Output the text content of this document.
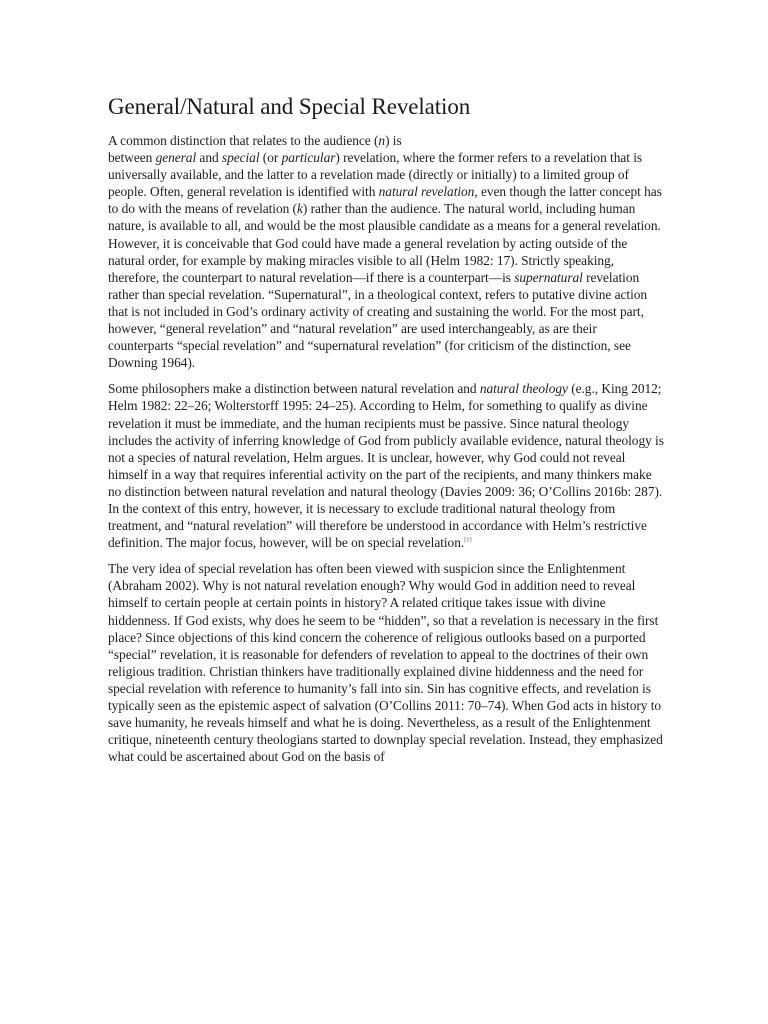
General/Natural and Special Revelation

A common distinction that relates to the audience (n) is
between general and special (or particular) revelation, where the former refers to a revelation that is universally available, and the latter to a revelation made (directly or initially) to a limited group of people. Often, general revelation is identified with natural revelation, even though the latter concept has to do with the means of revelation (k) rather than the audience. The natural world, including human nature, is available to all, and would be the most plausible candidate as a means for a general revelation. However, it is conceivable that God could have made a general revelation by acting outside of the natural order, for example by making miracles visible to all (Helm 1982: 17). Strictly speaking, therefore, the counterpart to natural revelation—if there is a counterpart—is supernatural revelation rather than special revelation. “Supernatural”, in a theological context, refers to putative divine action that is not included in God’s ordinary activity of creating and sustaining the world. For the most part, however, “general revelation” and “natural revelation” are used interchangeably, as are their counterparts “special revelation” and “supernatural revelation” (for criticism of the distinction, see Downing 1964).

Some philosophers make a distinction between natural revelation and natural theology (e.g., King 2012; Helm 1982: 22–26; Wolterstorff 1995: 24–25). According to Helm, for something to qualify as divine revelation it must be immediate, and the human recipients must be passive. Since natural theology includes the activity of inferring knowledge of God from publicly available evidence, natural theology is not a species of natural revelation, Helm argues. It is unclear, however, why God could not reveal himself in a way that requires inferential activity on the part of the recipients, and many thinkers make no distinction between natural revelation and natural theology (Davies 2009: 36; O’Collins 2016b: 287). In the context of this entry, however, it is necessary to exclude traditional natural theology from treatment, and “natural revelation” will therefore be understood in accordance with Helm’s restrictive definition. The major focus, however, will be on special revelation.[1]

The very idea of special revelation has often been viewed with suspicion since the Enlightenment (Abraham 2002). Why is not natural revelation enough? Why would God in addition need to reveal himself to certain people at certain points in history? A related critique takes issue with divine hiddenness. If God exists, why does he seem to be “hidden”, so that a revelation is necessary in the first place? Since objections of this kind concern the coherence of religious outlooks based on a purported “special” revelation, it is reasonable for defenders of revelation to appeal to the doctrines of their own religious tradition. Christian thinkers have traditionally explained divine hiddenness and the need for special revelation with reference to humanity’s fall into sin. Sin has cognitive effects, and revelation is typically seen as the epistemic aspect of salvation (O’Collins 2011: 70–74). When God acts in history to save humanity, he reveals himself and what he is doing. Nevertheless, as a result of the Enlightenment critique, nineteenth century theologians started to downplay special revelation. Instead, they emphasized what could be ascertained about God on the basis of
